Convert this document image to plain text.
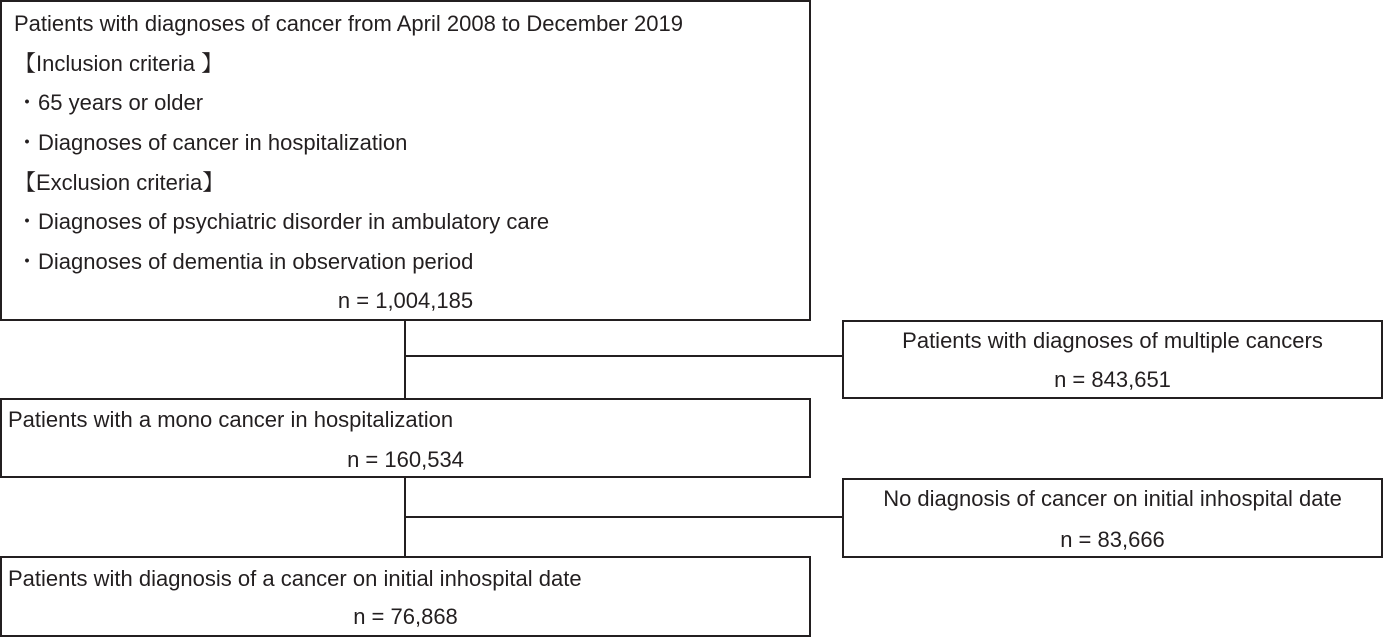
Patients with diagnoses of cancer from April 2008 to December 2019
【Inclusion criteria 】
・65 years or older
・Diagnoses of cancer in hospitalization
【Exclusion criteria】
・Diagnoses of psychiatric disorder in ambulatory care
・Diagnoses of dementia in observation period
n = 1,004,185
Patients with diagnoses of multiple cancers
n = 843,651
Patients with a mono cancer in hospitalization
n = 160,534
No diagnosis of cancer on initial inhospital date
n = 83,666
Patients with diagnosis of a cancer on initial inhospital date
n = 76,868
